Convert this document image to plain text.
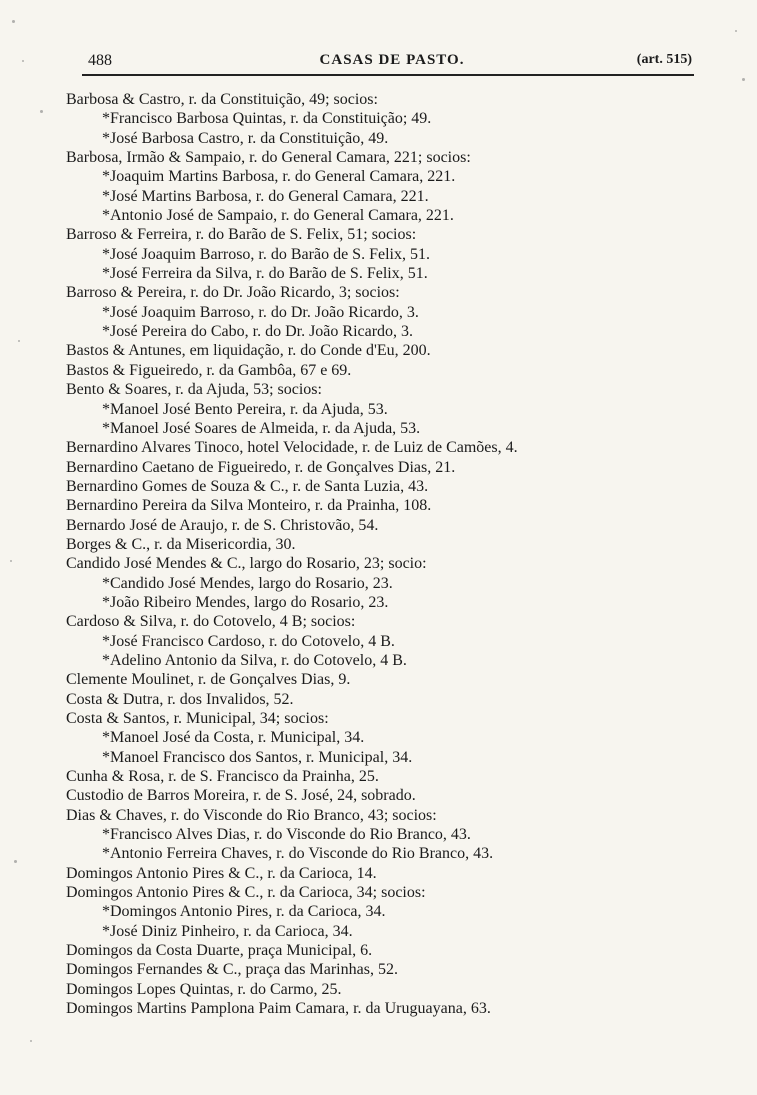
488	CASAS DE PASTO.	(art. 515)
Barbosa & Castro, r. da Constituição, 49; socios:
*Francisco Barbosa Quintas, r. da Constituição; 49.
*José Barbosa Castro, r. da Constituição, 49.
Barbosa, Irmão & Sampaio, r. do General Camara, 221; socios:
*Joaquim Martins Barbosa, r. do General Camara, 221.
*José Martins Barbosa, r. do General Camara, 221.
*Antonio José de Sampaio, r. do General Camara, 221.
Barroso & Ferreira, r. do Barão de S. Felix, 51; socios:
*José Joaquim Barroso, r. do Barão de S. Felix, 51.
*José Ferreira da Silva, r. do Barão de S. Felix, 51.
Barroso & Pereira, r. do Dr. João Ricardo, 3; socios:
*José Joaquim Barroso, r. do Dr. João Ricardo, 3.
*José Pereira do Cabo, r. do Dr. João Ricardo, 3.
Bastos & Antunes, em liquidação, r. do Conde d'Eu, 200.
Bastos & Figueiredo, r. da Gambôa, 67 e 69.
Bento & Soares, r. da Ajuda, 53; socios:
*Manoel José Bento Pereira, r. da Ajuda, 53.
*Manoel José Soares de Almeida, r. da Ajuda, 53.
Bernardino Alvares Tinoco, hotel Velocidade, r. de Luiz de Camões, 4.
Bernardino Caetano de Figueiredo, r. de Gonçalves Dias, 21.
Bernardino Gomes de Souza & C., r. de Santa Luzia, 43.
Bernardino Pereira da Silva Monteiro, r. da Prainha, 108.
Bernardo José de Araujo, r. de S. Christovão, 54.
Borges & C., r. da Misericordia, 30.
Candido José Mendes & C., largo do Rosario, 23; socio:
*Candido José Mendes, largo do Rosario, 23.
*João Ribeiro Mendes, largo do Rosario, 23.
Cardoso & Silva, r. do Cotovelo, 4 B; socios:
*José Francisco Cardoso, r. do Cotovelo, 4 B.
*Adelino Antonio da Silva, r. do Cotovelo, 4 B.
Clemente Moulinet, r. de Gonçalves Dias, 9.
Costa & Dutra, r. dos Invalidos, 52.
Costa & Santos, r. Municipal, 34; socios:
*Manoel José da Costa, r. Municipal, 34.
*Manoel Francisco dos Santos, r. Municipal, 34.
Cunha & Rosa, r. de S. Francisco da Prainha, 25.
Custodio de Barros Moreira, r. de S. José, 24, sobrado.
Dias & Chaves, r. do Visconde do Rio Branco, 43; socios:
*Francisco Alves Dias, r. do Visconde do Rio Branco, 43.
*Antonio Ferreira Chaves, r. do Visconde do Rio Branco, 43.
Domingos Antonio Pires & C., r. da Carioca, 14.
Domingos Antonio Pires & C., r. da Carioca, 34; socios:
*Domingos Antonio Pires, r. da Carioca, 34.
*José Diniz Pinheiro, r. da Carioca, 34.
Domingos da Costa Duarte, praça Municipal, 6.
Domingos Fernandes & C., praça das Marinhas, 52.
Domingos Lopes Quintas, r. do Carmo, 25.
Domingos Martins Pamplona Paim Camara, r. da Uruguayana, 63.
